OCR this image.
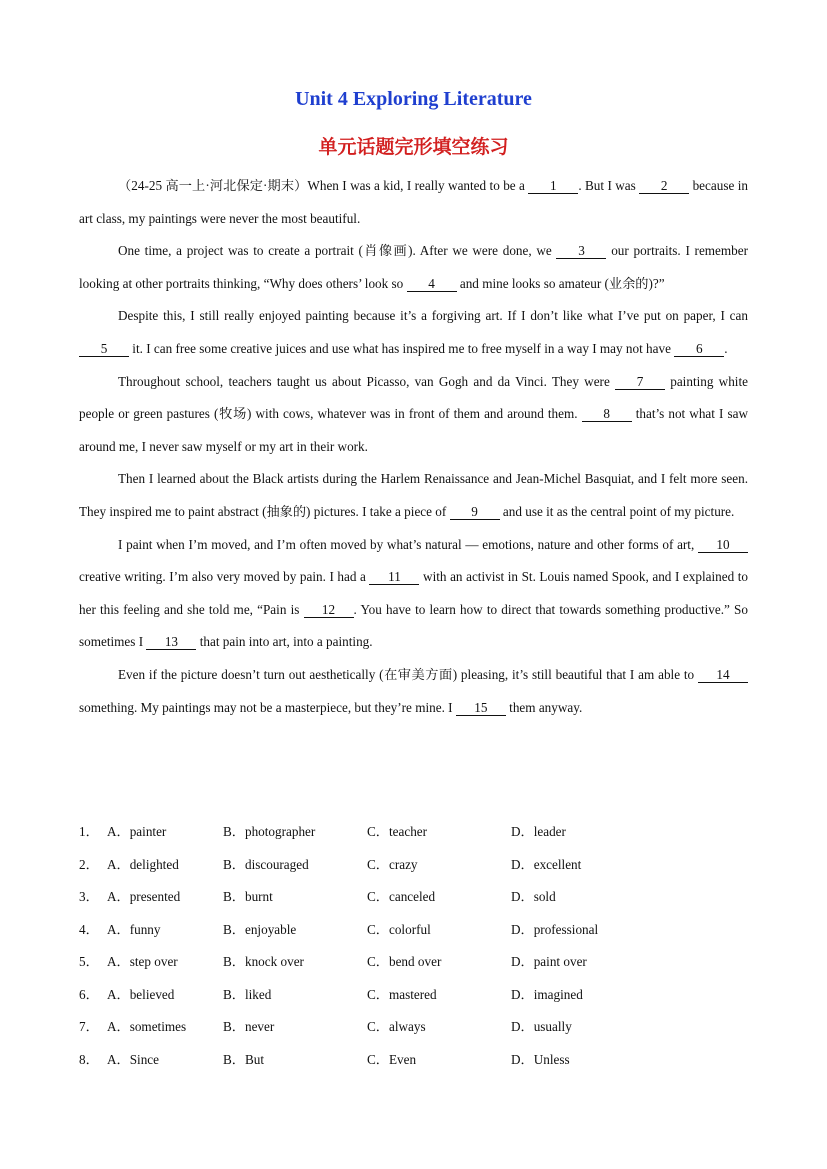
Unit 4 Exploring Literature
单元话题完形填空练习

（24-25 高一上·河北保定·期末）When I was a kid, I really wanted to be a 1 . But I was 2 because in art class, my paintings were never the most beautiful.

One time, a project was to create a portrait (肖像画). After we were done, we 3 our portraits. I remember looking at other portraits thinking, “Why does others’ look so 4 and mine looks so amateur (业余的)?”

Despite this, I still really enjoyed painting because it’s a forgiving art. If I don’t like what I’ve put on paper, I can 5 it. I can free some creative juices and use what has inspired me to free myself in a way I may not have 6 .

Throughout school, teachers taught us about Picasso, van Gogh and da Vinci. They were 7 painting white people or green pastures (牧场) with cows, whatever was in front of them and around them. 8 that’s not what I saw around me, I never saw myself or my art in their work.

Then I learned about the Black artists during the Harlem Renaissance and Jean-Michel Basquiat, and I felt more seen. They inspired me to paint abstract (抽象的) pictures. I take a piece of 9 and use it as the central point of my picture.

I paint when I’m moved, and I’m often moved by what’s natural — emotions, nature and other forms of art, 10 creative writing. I’m also very moved by pain. I had a 11 with an activist in St. Louis named Spook, and I explained to her this feeling and she told me, “Pain is 12 . You have to learn how to direct that towards something productive.” So sometimes I 13 that pain into art, into a painting.

Even if the picture doesn’t turn out aesthetically (在审美方面) pleasing, it’s still beautiful that I am able to 14 something. My paintings may not be a masterpiece, but they’re mine. I 15 them anyway.

1． A．painter	B．photographer	C．teacher	D．leader
2． A．delighted	B．discouraged	C．crazy	D．excellent
3． A．presented	B．burnt	C．canceled	D．sold
4． A．funny	B．enjoyable	C．colorful	D．professional
5． A．step over	B．knock over	C．bend over	D．paint over
6． A．believed	B．liked	C．mastered	D．imagined
7． A．sometimes	B．never	C．always	D．usually
8． A．Since	B．But	C．Even	D．Unless
